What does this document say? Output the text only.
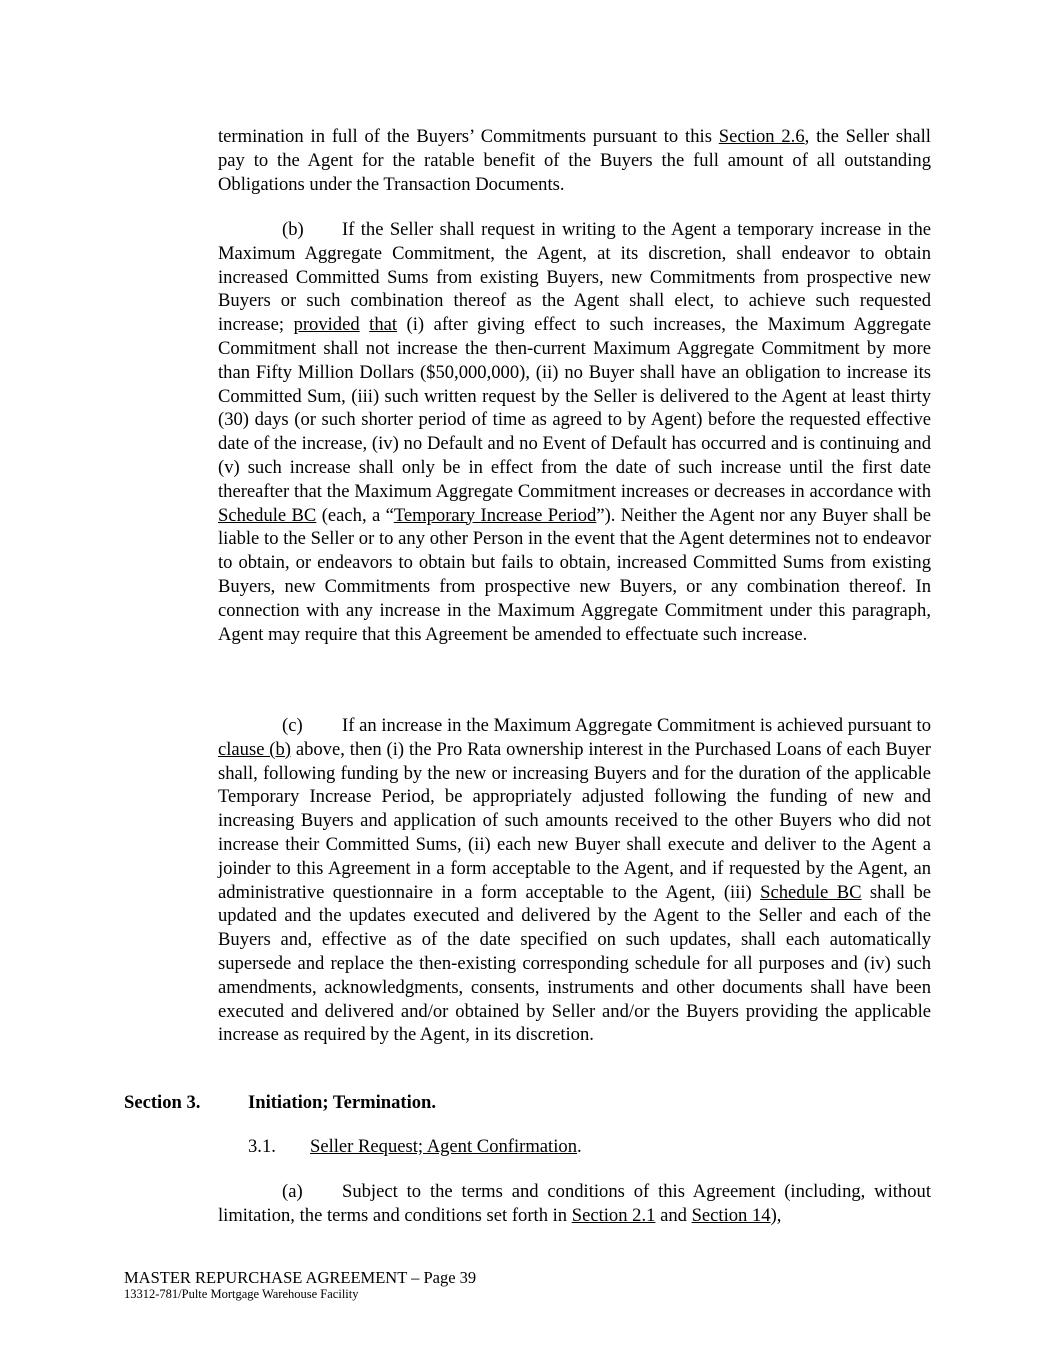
termination in full of the Buyers’ Commitments pursuant to this Section 2.6, the Seller shall pay to the Agent for the ratable benefit of the Buyers the full amount of all outstanding Obligations under the Transaction Documents.
(b) If the Seller shall request in writing to the Agent a temporary increase in the Maximum Aggregate Commitment, the Agent, at its discretion, shall endeavor to obtain increased Committed Sums from existing Buyers, new Commitments from prospective new Buyers or such combination thereof as the Agent shall elect, to achieve such requested increase; provided that (i) after giving effect to such increases, the Maximum Aggregate Commitment shall not increase the then-current Maximum Aggregate Commitment by more than Fifty Million Dollars ($50,000,000), (ii) no Buyer shall have an obligation to increase its Committed Sum, (iii) such written request by the Seller is delivered to the Agent at least thirty (30) days (or such shorter period of time as agreed to by Agent) before the requested effective date of the increase, (iv) no Default and no Event of Default has occurred and is continuing and (v) such increase shall only be in effect from the date of such increase until the first date thereafter that the Maximum Aggregate Commitment increases or decreases in accordance with Schedule BC (each, a “Temporary Increase Period”). Neither the Agent nor any Buyer shall be liable to the Seller or to any other Person in the event that the Agent determines not to endeavor to obtain, or endeavors to obtain but fails to obtain, increased Committed Sums from existing Buyers, new Commitments from prospective new Buyers, or any combination thereof. In connection with any increase in the Maximum Aggregate Commitment under this paragraph, Agent may require that this Agreement be amended to effectuate such increase.
(c) If an increase in the Maximum Aggregate Commitment is achieved pursuant to clause (b) above, then (i) the Pro Rata ownership interest in the Purchased Loans of each Buyer shall, following funding by the new or increasing Buyers and for the duration of the applicable Temporary Increase Period, be appropriately adjusted following the funding of new and increasing Buyers and application of such amounts received to the other Buyers who did not increase their Committed Sums, (ii) each new Buyer shall execute and deliver to the Agent a joinder to this Agreement in a form acceptable to the Agent, and if requested by the Agent, an administrative questionnaire in a form acceptable to the Agent, (iii) Schedule BC shall be updated and the updates executed and delivered by the Agent to the Seller and each of the Buyers and, effective as of the date specified on such updates, shall each automatically supersede and replace the then-existing corresponding schedule for all purposes and (iv) such amendments, acknowledgments, consents, instruments and other documents shall have been executed and delivered and/or obtained by Seller and/or the Buyers providing the applicable increase as required by the Agent, in its discretion.
Section 3.	Initiation; Termination.
3.1. Seller Request; Agent Confirmation.
(a) Subject to the terms and conditions of this Agreement (including, without limitation, the terms and conditions set forth in Section 2.1 and Section 14),
MASTER REPURCHASE AGREEMENT – Page 39
13312-781/Pulte Mortgage Warehouse Facility
